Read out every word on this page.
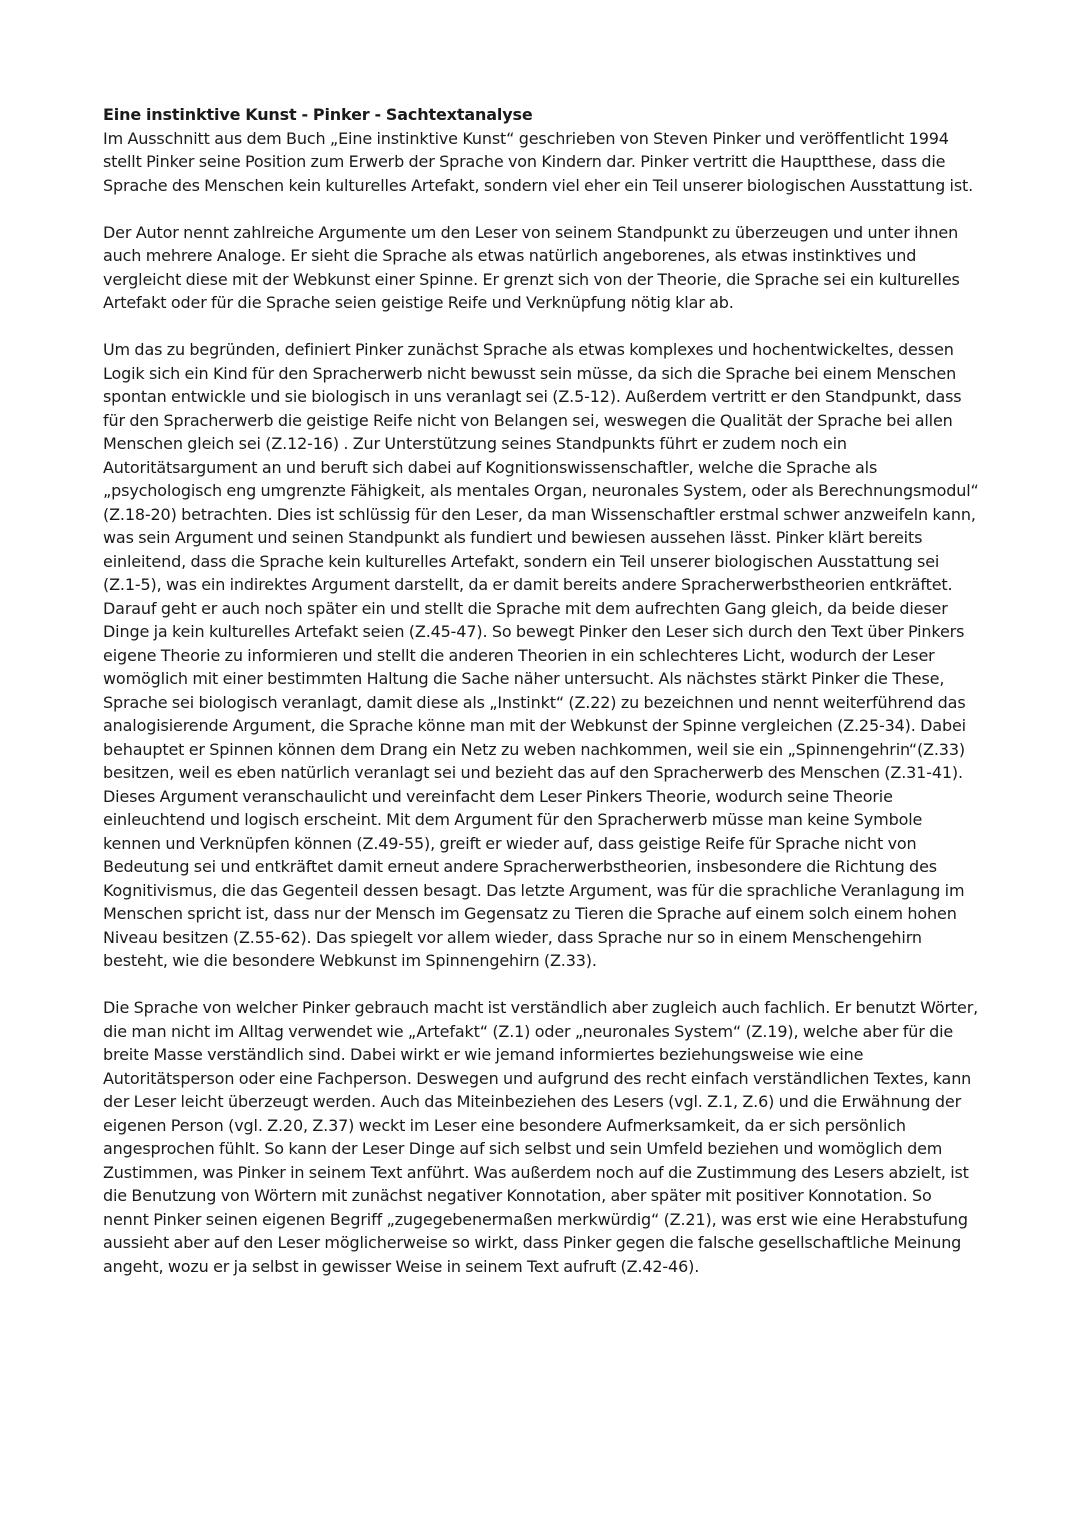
Eine instinktive Kunst - Pinker - Sachtextanalyse

Im Ausschnitt aus dem Buch „Eine instinktive Kunst“ geschrieben von Steven Pinker und veröffentlicht 1994 stellt Pinker seine Position zum Erwerb der Sprache von Kindern dar. Pinker vertritt die Hauptthese, dass die Sprache des Menschen kein kulturelles Artefakt, sondern viel eher ein Teil unserer biologischen Ausstattung ist.

Der Autor nennt zahlreiche Argumente um den Leser von seinem Standpunkt zu überzeugen und unter ihnen auch mehrere Analoge. Er sieht die Sprache als etwas natürlich angeborenes, als etwas instinktives und vergleicht diese mit der Webkunst einer Spinne. Er grenzt sich von der Theorie, die Sprache sei ein kulturelles Artefakt oder für die Sprache seien geistige Reife und Verknüpfung nötig klar ab.

Um das zu begründen, definiert Pinker zunächst Sprache als etwas komplexes und hochentwickeltes, dessen Logik sich ein Kind für den Spracherwerb nicht bewusst sein müsse, da sich die Sprache bei einem Menschen spontan entwickle und sie biologisch in uns veranlagt sei (Z.5-12). Außerdem vertritt er den Standpunkt, dass für den Spracherwerb die geistige Reife nicht von Belangen sei, weswegen die Qualität der Sprache bei allen Menschen gleich sei (Z.12-16) . Zur Unterstützung seines Standpunkts führt er zudem noch ein Autoritätsargument an und beruft sich dabei auf Kognitionswissenschaftler, welche die Sprache als „psychologisch eng umgrenzte Fähigkeit, als mentales Organ, neuronales System, oder als Berechnungsmodul“ (Z.18-20) betrachten. Dies ist schlüssig für den Leser, da man Wissenschaftler erstmal schwer anzweifeln kann, was sein Argument und seinen Standpunkt als fundiert und bewiesen aussehen lässt. Pinker klärt bereits einleitend, dass die Sprache kein kulturelles Artefakt, sondern ein Teil unserer biologischen Ausstattung sei (Z.1-5), was ein indirektes Argument darstellt, da er damit bereits andere Spracherwerbstheorien entkräftet. Darauf geht er auch noch später ein und stellt die Sprache mit dem aufrechten Gang gleich, da beide dieser Dinge ja kein kulturelles Artefakt seien (Z.45-47). So bewegt Pinker den Leser sich durch den Text über Pinkers eigene Theorie zu informieren und stellt die anderen Theorien in ein schlechteres Licht, wodurch der Leser womöglich mit einer bestimmten Haltung die Sache näher untersucht. Als nächstes stärkt Pinker die These, Sprache sei biologisch veranlagt, damit diese als „Instinkt“ (Z.22) zu bezeichnen und nennt weiterführend das analogisierende Argument, die Sprache könne man mit der Webkunst der Spinne vergleichen (Z.25-34). Dabei behauptet er Spinnen können dem Drang ein Netz zu weben nachkommen, weil sie ein „Spinnengehrin“(Z.33) besitzen, weil es eben natürlich veranlagt sei und bezieht das auf den Spracherwerb des Menschen (Z.31-41). Dieses Argument veranschaulicht und vereinfacht dem Leser Pinkers Theorie, wodurch seine Theorie einleuchtend und logisch erscheint. Mit dem Argument für den Spracherwerb müsse man keine Symbole kennen und Verknüpfen können (Z.49-55), greift er wieder auf, dass geistige Reife für Sprache nicht von Bedeutung sei und entkräftet damit erneut andere Spracherwerbstheorien, insbesondere die Richtung des Kognitivismus, die das Gegenteil dessen besagt. Das letzte Argument, was für die sprachliche Veranlagung im Menschen spricht ist, dass nur der Mensch im Gegensatz zu Tieren die Sprache auf einem solch einem hohen Niveau besitzen (Z.55-62). Das spiegelt vor allem wieder, dass Sprache nur so in einem Menschengehirn besteht, wie die besondere Webkunst im Spinnengehirn (Z.33).

Die Sprache von welcher Pinker gebrauch macht ist verständlich aber zugleich auch fachlich. Er benutzt Wörter, die man nicht im Alltag verwendet wie „Artefakt“ (Z.1) oder „neuronales System“ (Z.19), welche aber für die breite Masse verständlich sind. Dabei wirkt er wie jemand informiertes beziehungsweise wie eine Autoritätsperson oder eine Fachperson. Deswegen und aufgrund des recht einfach verständlichen Textes, kann der Leser leicht überzeugt werden. Auch das Miteinbeziehen des Lesers (vgl. Z.1, Z.6) und die Erwähnung der eigenen Person (vgl. Z.20, Z.37) weckt im Leser eine besondere Aufmerksamkeit, da er sich persönlich angesprochen fühlt. So kann der Leser Dinge auf sich selbst und sein Umfeld beziehen und womöglich dem Zustimmen, was Pinker in seinem Text anführt. Was außerdem noch auf die Zustimmung des Lesers abzielt, ist die Benutzung von Wörtern mit zunächst negativer Konnotation, aber später mit positiver Konnotation. So nennt Pinker seinen eigenen Begriff „zugegebenermaßen merkwürdig“ (Z.21), was erst wie eine Herabstufung aussieht aber auf den Leser möglicherweise so wirkt, dass Pinker gegen die falsche gesellschaftliche Meinung angeht, wozu er ja selbst in gewisser Weise in seinem Text aufruft (Z.42-46).
